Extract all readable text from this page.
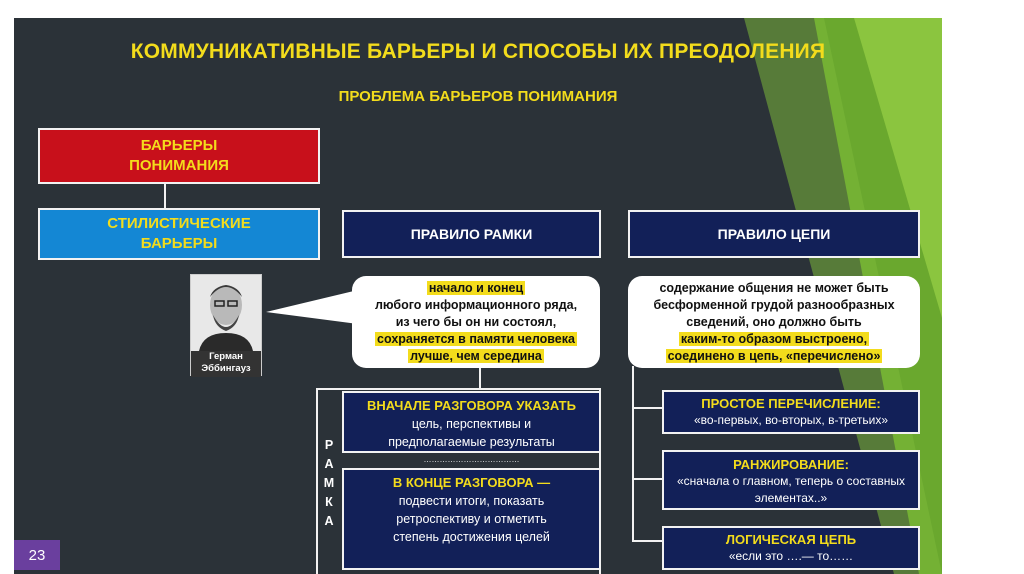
КОММУНИКАТИВНЫЕ БАРЬЕРЫ И СПОСОБЫ ИХ ПРЕОДОЛЕНИЯ
ПРОБЛЕМА БАРЬЕРОВ ПОНИМАНИЯ
БАРЬЕРЫ
ПОНИМАНИЯ
СТИЛИСТИЧЕСКИЕ
БАРЬЕРЫ
ПРАВИЛО РАМКИ	ПРАВИЛО ЦЕПИ
Герман
Эббингауз
начало и конец
любого информационного ряда,
из чего бы он ни состоял,
сохраняется в памяти человека
лучше, чем середина
содержание общения не может быть
бесформенной грудой разнообразных
сведений, оно должно быть
каким-то образом выстроено,
соединено в цепь, «перечислено»
Р
А
М
К
А
ВНАЧАЛЕ РАЗГОВОРА УКАЗАТЬ
цель, перспективы и
предполагаемые результаты
………………………………
В КОНЦЕ РАЗГОВОРА —
подвести итоги, показать
ретроспективу и отметить
степень достижения целей
ПРОСТОЕ ПЕРЕЧИСЛЕНИЕ:
«во-первых, во-вторых, в-третьих»
РАНЖИРОВАНИЕ:
«сначала о главном, теперь о составных элементах..»
ЛОГИЧЕСКАЯ ЦЕПЬ
«если это ….— то……
23
